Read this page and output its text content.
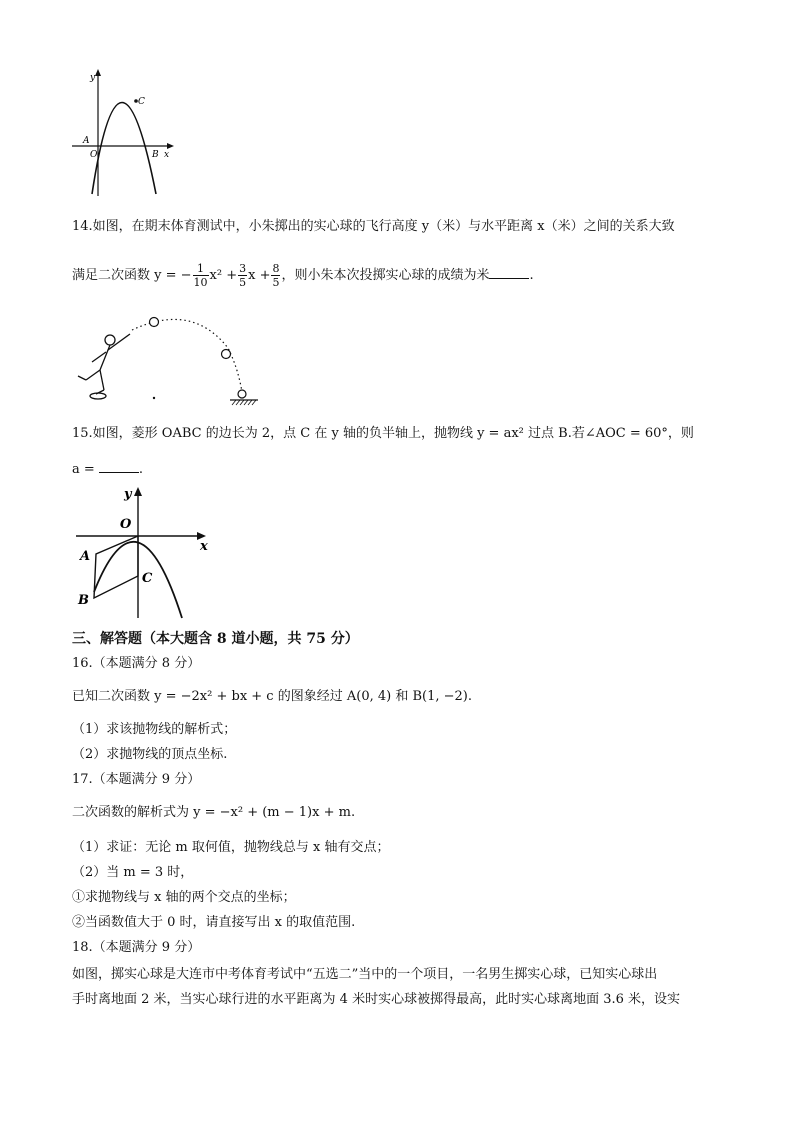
y
C
A
O	B x
14.如图，在期末体育测试中，小朱掷出的实心球的飞行高度 y（米）与水平距离 x（米）之间的关系大致
满足二次函数 y = − $\frac{1}{10} x^2 + \frac{3}{5}$ $x + \frac{8}{5}$ ，则小朱本次投掷实心球的成绩为米	.
15.如图，菱形 OABC 的边长为 2，点 C 在 y 轴的负半轴上，抛物线 y = ax² 过点 B.若∠AOC = 60°，则
a =	.
y
O
x
A
C
B
三、解答题（本大题含 8 道小题，共 75 分）
16.（本题满分 8 分）
已知二次函数 y = −2x² + bx + c 的图象经过 A(0, 4) 和 B(1, −2).
（1）求该抛物线的解析式；
（2）求抛物线的顶点坐标.
17.（本题满分 9 分）
二次函数的解析式为 y = −x² + (m − 1)x + m.
（1）求证：无论 m 取何值，抛物线总与 x 轴有交点；
（2）当 m = 3 时，
①求抛物线与 x 轴的两个交点的坐标；
②当函数值大于 0 时，请直接写出 x 的取值范围.
18.（本题满分 9 分）
如图，掷实心球是大连市中考体育考试中“五选二”当中的一个项目，一名男生掷实心球，已知实心球出
手时离地面 2 米，当实心球行进的水平距离为 4 米时实心球被掷得最高，此时实心球离地面 3.6 米，设实
